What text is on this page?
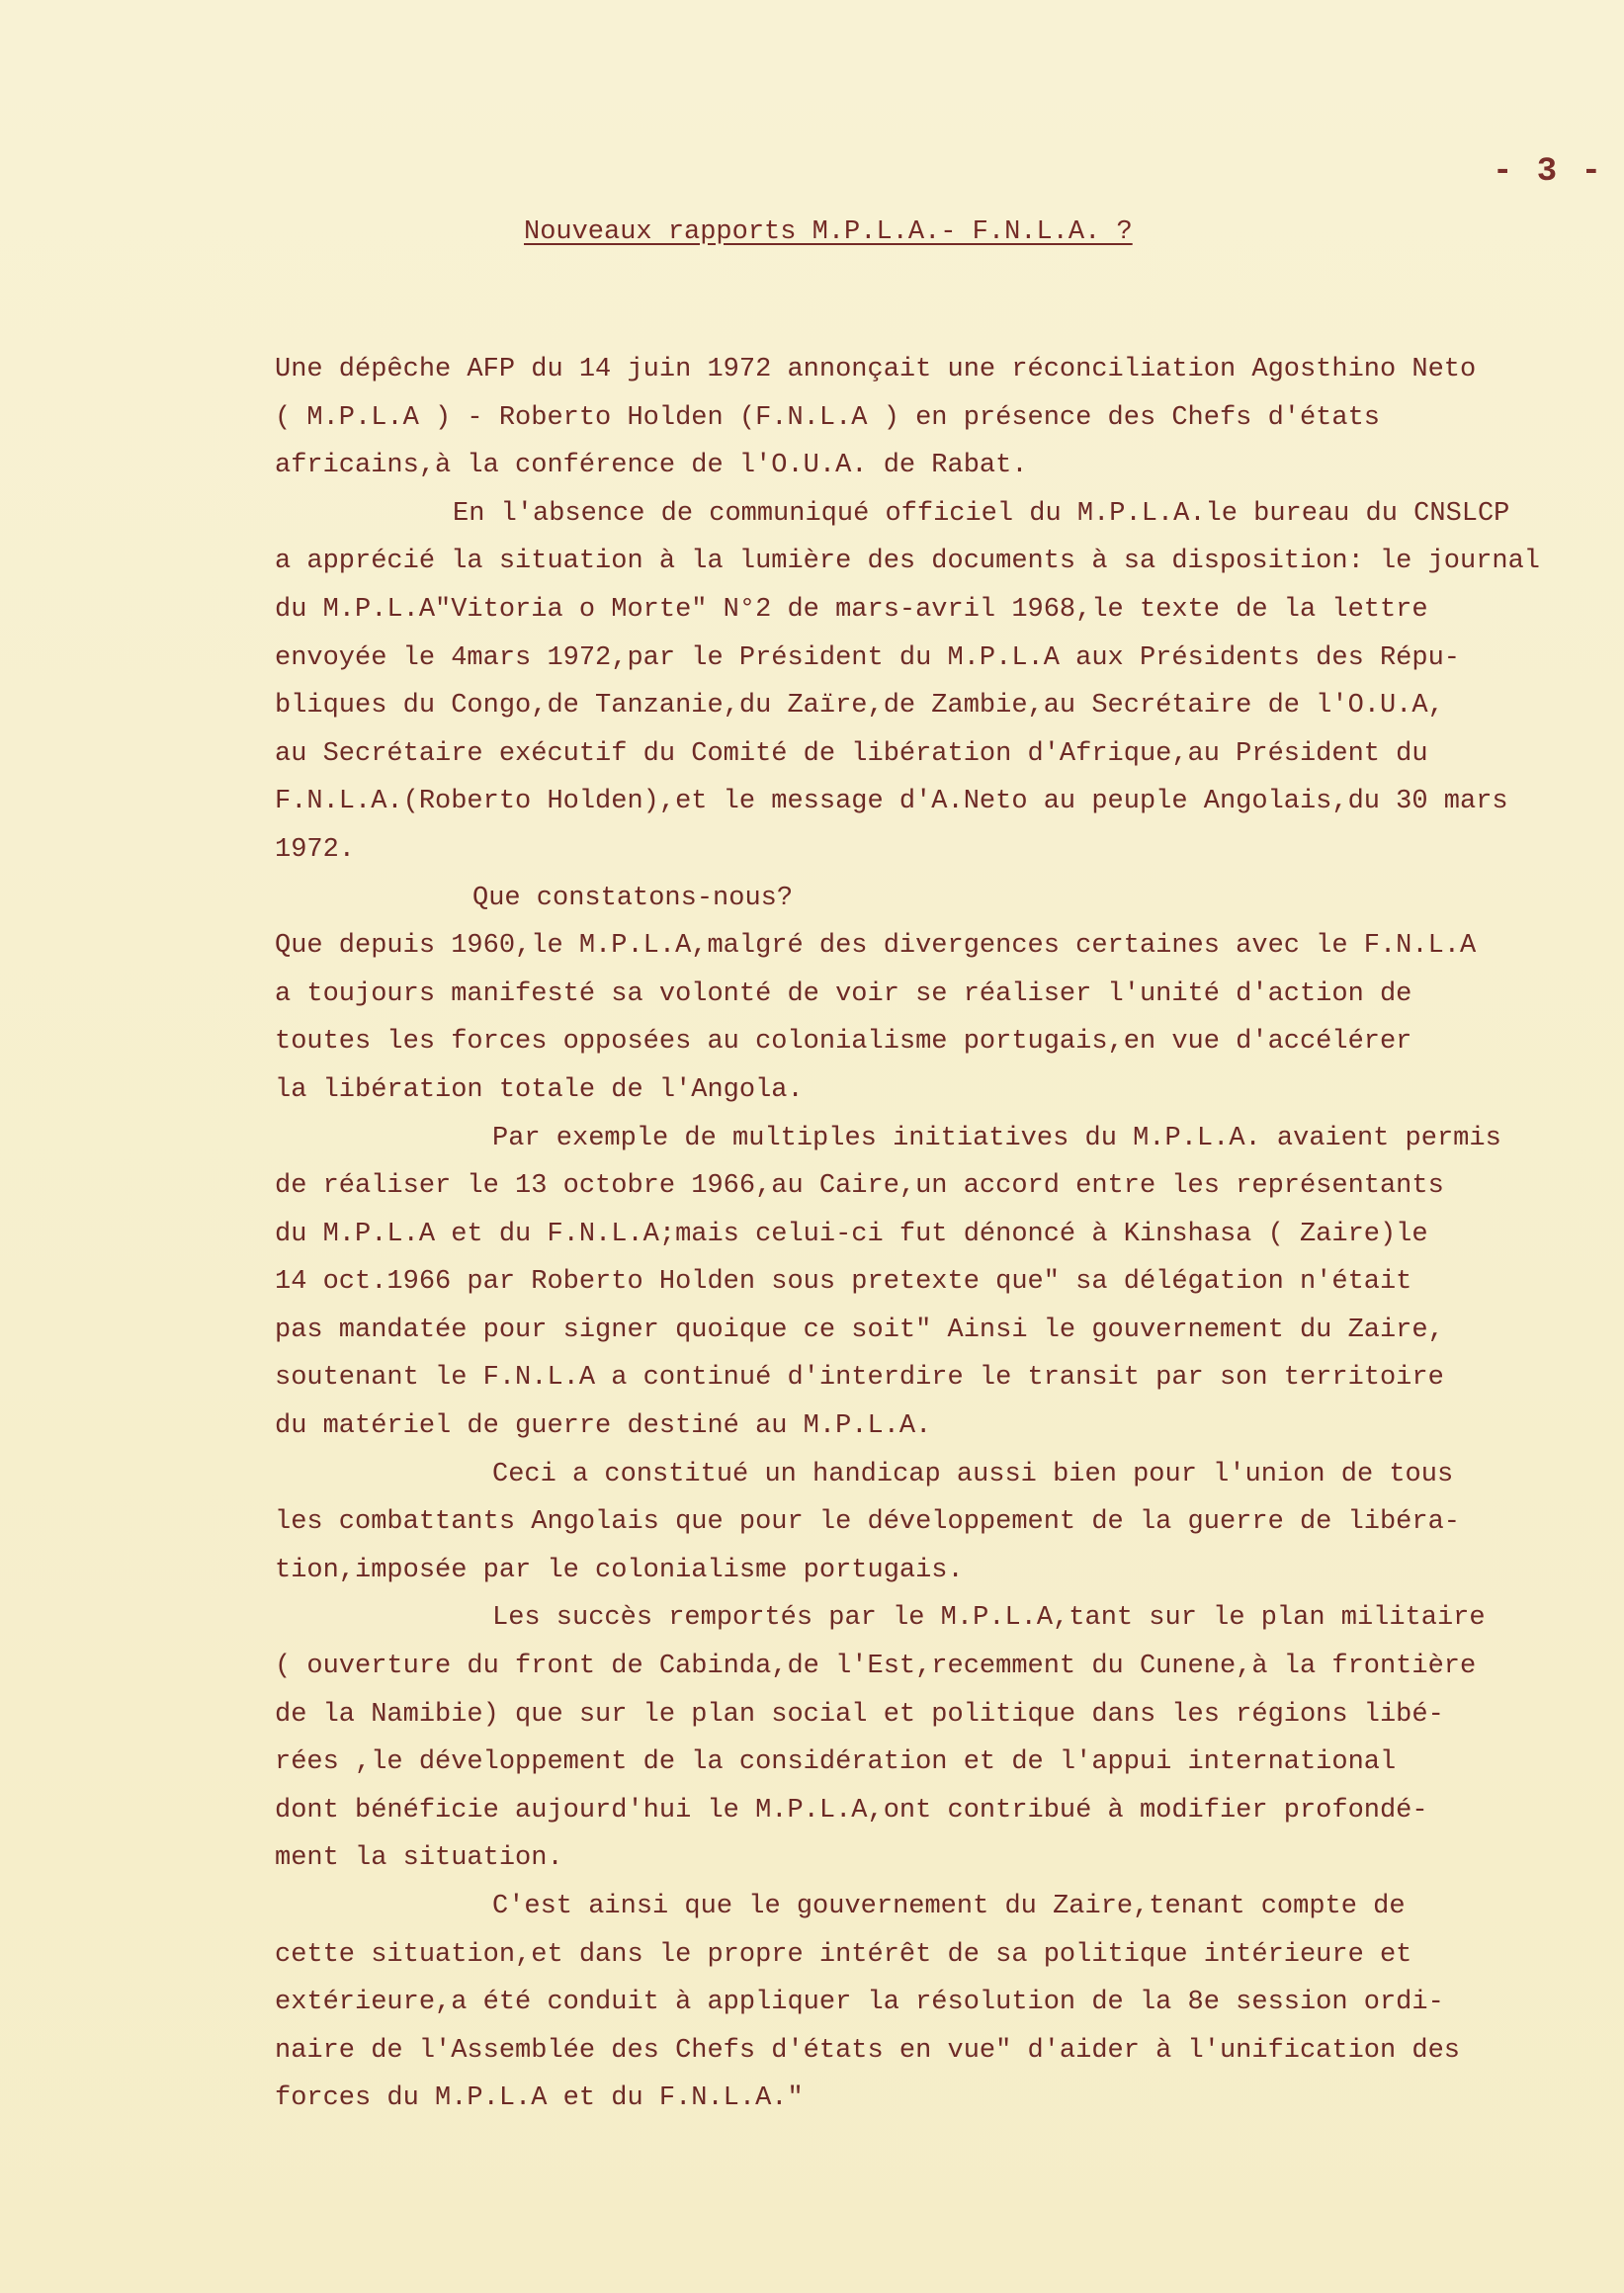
- 3 -
Nouveaux rapports M.P.L.A.- F.N.L.A. ?
Une dépêche AFP du 14 juin 1972 annonçait une réconciliation Agosthino Neto
( M.P.L.A ) - Roberto Holden (F.N.L.A ) en présence des Chefs d'états
africains,à la conférence de l'O.U.A. de Rabat.
En l'absence de communiqué officiel du M.P.L.A.le bureau du CNSLCP
a apprécié la situation à la lumière des documents à sa disposition: le journal
du M.P.L.A"Vitoria o Morte" N°2 de mars-avril 1968,le texte de la lettre
envoyée le 4mars 1972,par le Président du M.P.L.A aux Présidents des Répu-
bliques du Congo,de Tanzanie,du Zaïre,de Zambie,au Secrétaire de l'O.U.A,
au Secrétaire exécutif du Comité de libération d'Afrique,au Président du
F.N.L.A.(Roberto Holden),et le message d'A.Neto au peuple Angolais,du 30 mars
1972.
Que constatons-nous?
Que depuis 1960,le M.P.L.A,malgré des divergences certaines avec le F.N.L.A
a toujours manifesté sa volonté de voir se réaliser l'unité d'action de
toutes les forces opposées au colonialisme portugais,en vue d'accélérer
la libération totale de l'Angola.
Par exemple de multiples initiatives du M.P.L.A. avaient permis
de réaliser le 13 octobre 1966,au Caire,un accord entre les représentants
du M.P.L.A et du F.N.L.A;mais celui-ci fut dénoncé à Kinshasa ( Zaire)le
14 oct.1966 par Roberto Holden sous pretexte que" sa délégation n'était
pas mandatée pour signer quoique ce soit" Ainsi le gouvernement du Zaire,
soutenant le F.N.L.A a continué d'interdire le transit par son territoire
du matériel de guerre destiné au M.P.L.A.
Ceci a constitué un handicap aussi bien pour l'union de tous
les combattants Angolais que pour le développement de la guerre de libéra-
tion,imposée par le colonialisme portugais.
Les succès remportés par le M.P.L.A,tant sur le plan militaire
( ouverture du front de Cabinda,de l'Est,recemment du Cunene,à la frontière
de la Namibie) que sur le plan social et politique dans les régions libé-
rées ,le développement de la considération et de l'appui international
dont bénéficie aujourd'hui le M.P.L.A,ont contribué à modifier profondé-
ment la situation.
C'est ainsi que le gouvernement du Zaire,tenant compte de
cette situation,et dans le propre intérêt de sa politique intérieure et
extérieure,a été conduit à appliquer la résolution de la 8e session ordi-
naire de l'Assemblée des Chefs d'états en vue" d'aider à l'unification des
forces du M.P.L.A et du F.N.L.A."
